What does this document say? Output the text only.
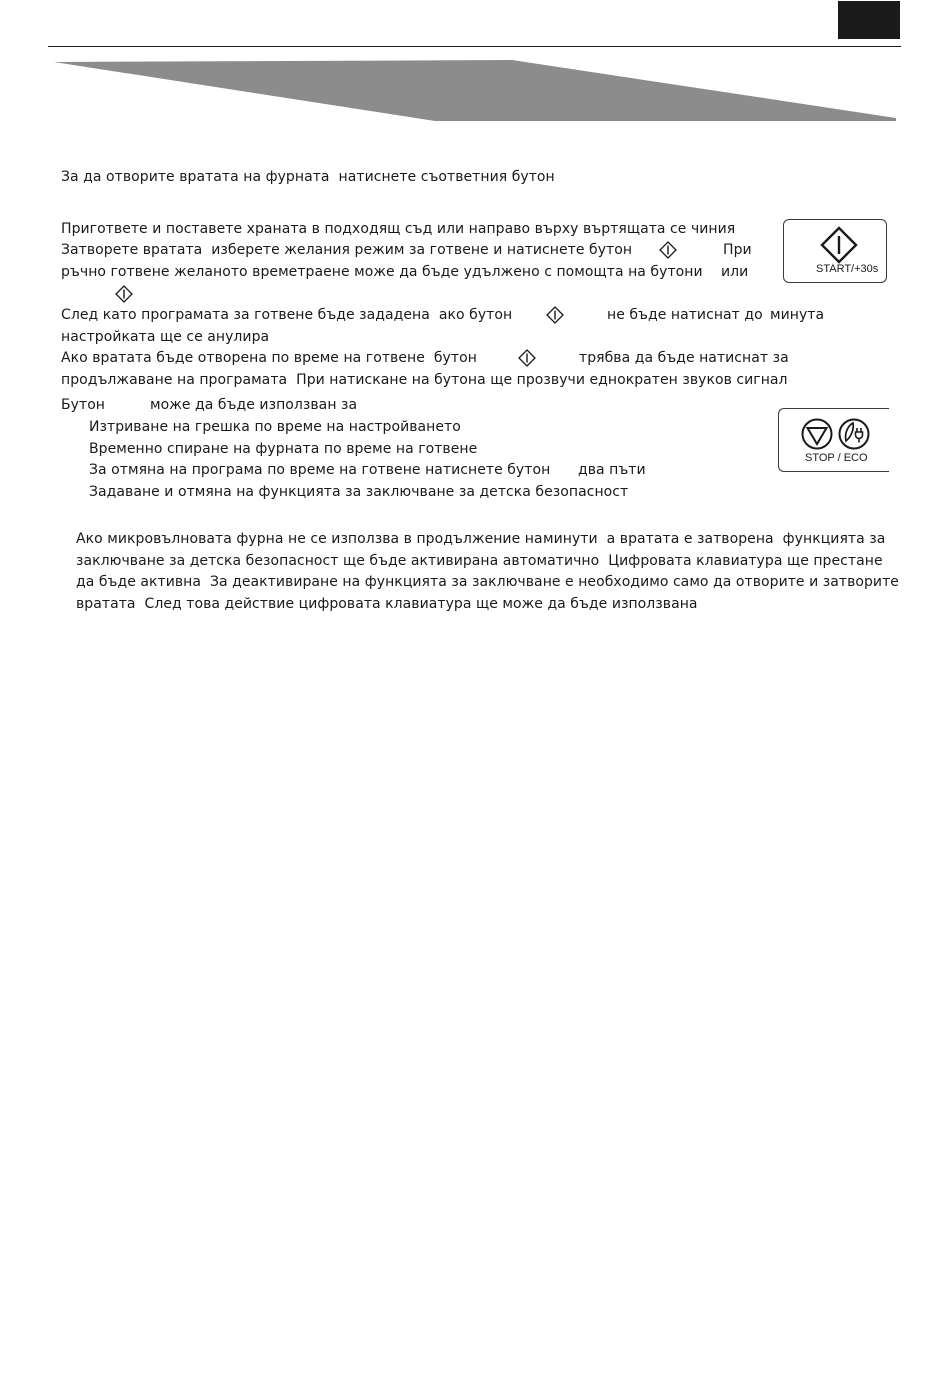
За да отворите вратата на фурната  натиснете съответния бутон
Пригответе и поставете храната в подходящ съд или направо върху въртящата се чиния
Затворете вратата  изберете желания режим за готвене и натиснете бутон	При
ръчно готвене желаното времетраене може да бъде удължено с помощта на бутони или
След като програмата за готвене бъде зададена  ако бутон	не бъде натиснат до минута
настройката ще се анулира
Ако вратата бъде отворена по време на готвене  бутон	трябва да бъде натиснат за
продължаване на програмата  При натискане на бутона ще прозвучи еднократен звуков сигнал
Бутон	може да бъде използван за
Изтриване на грешка по време на настройването
Временно спиране на фурната по време на готвене
За отмяна на програма по време на готвене натиснете бутон два пъти
Задаване и отмяна на функцията за заключване за детска безопасност
Ако микровълновата фурна не се използва в продължение на минути  а вратата е затворена  функцията за
заключване за детска безопасност ще бъде активирана автоматично  Цифровата клавиатура ще престане
да бъде активна  За деактивиране на функцията за заключване е необходимо само да отворите и затворите
вратата  След това действие цифровата клавиатура ще може да бъде използвана
START/+30s
STOP / ECO
